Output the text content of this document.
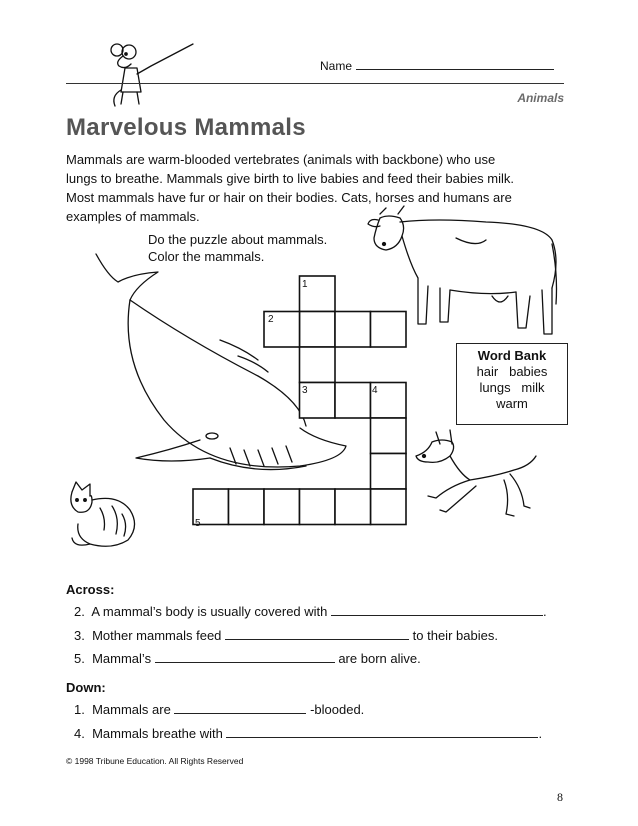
Name
Animals
Marvelous Mammals
Mammals are warm-blooded vertebrates (animals with backbone) who use
lungs to breathe. Mammals give birth to live babies and feed their babies milk.
Most mammals have fur or hair on their bodies. Cats, horses and humans are
examples of mammals.
Do the puzzle about mammals.
Color the mammals.
1
2
3	4
5
Word Bank
hair   babies
lungs   milk
warm
Across:
2. A mammal’s body is usually covered with	.
3. Mother mammals feed	to their babies.
5. Mammal’s	are born alive.
Down:
1. Mammals are	-blooded.
4. Mammals breathe with	.
© 1998 Tribune Education. All Rights Reserved
8
